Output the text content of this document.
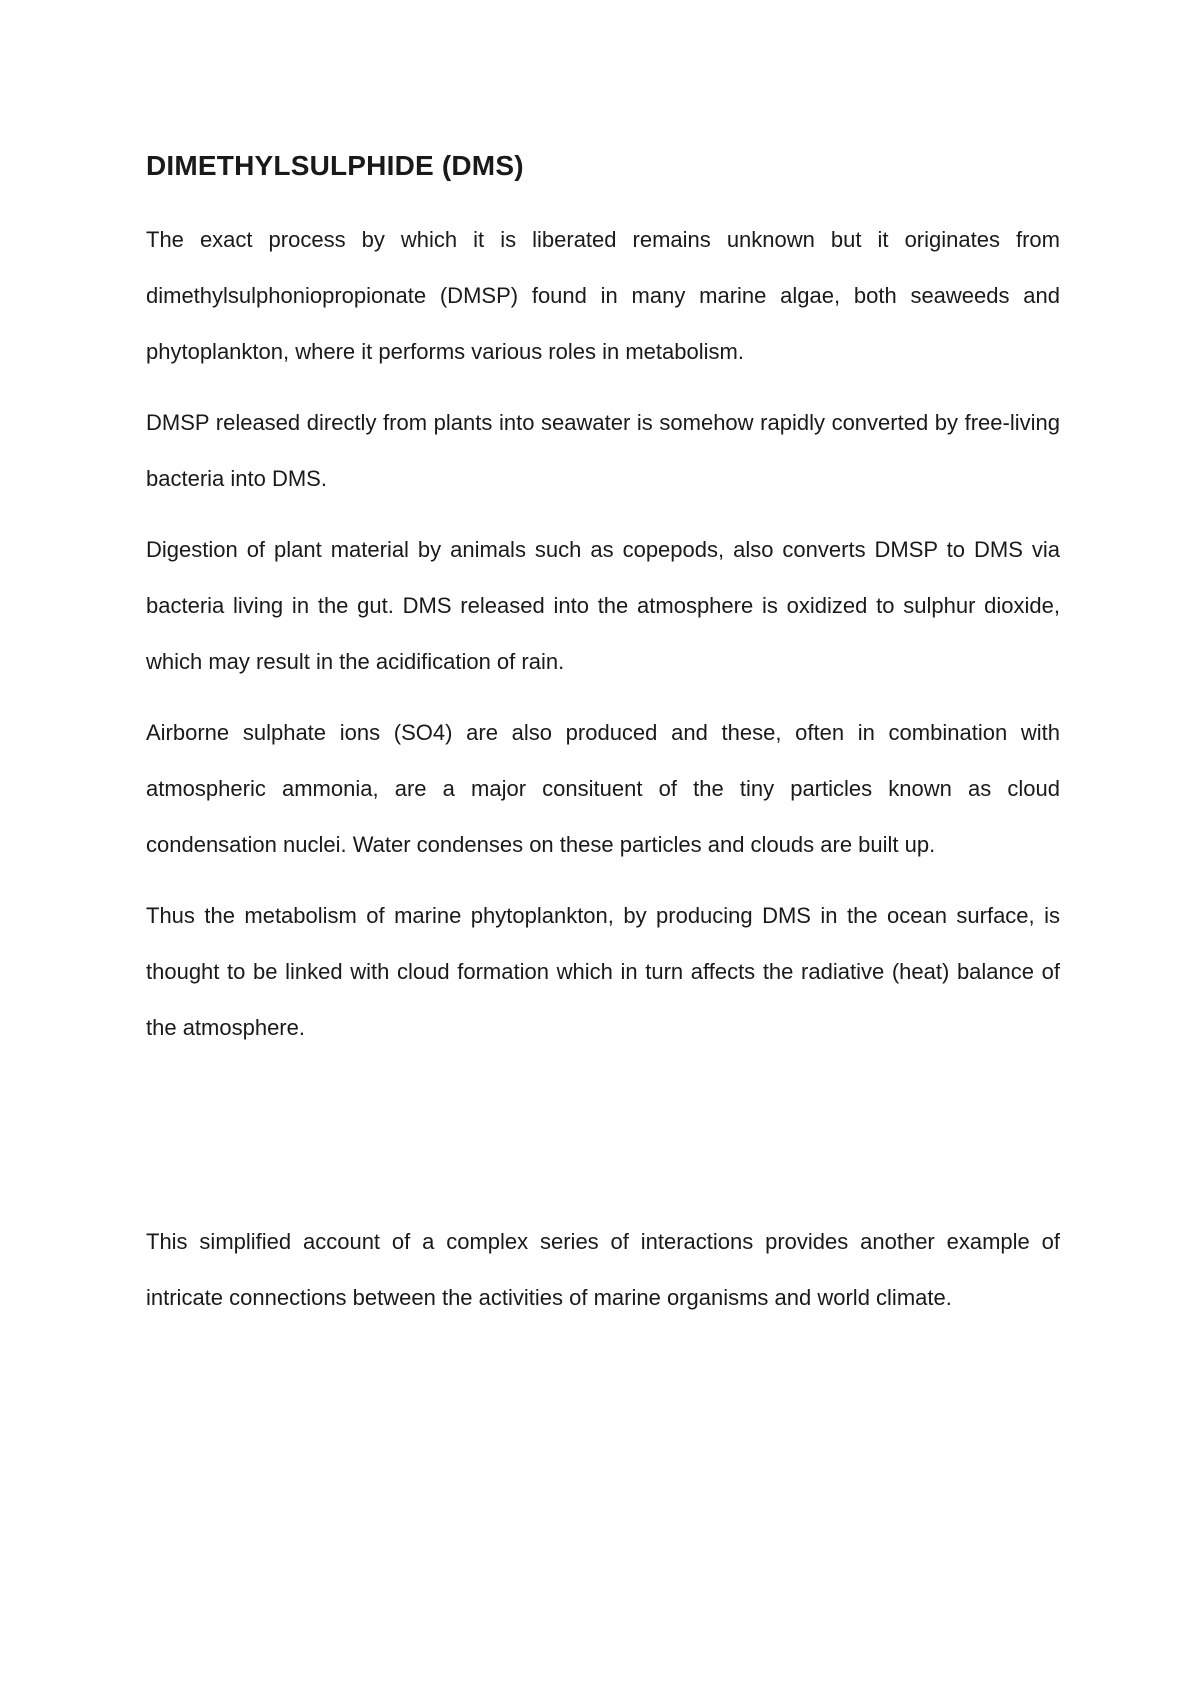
DIMETHYLSULPHIDE (DMS)

The exact process by which it is liberated remains unknown but it originates from dimethylsulphoniopropionate (DMSP) found in many marine algae, both seaweeds and phytoplankton, where it performs various roles in metabolism.

DMSP released directly from plants into seawater is somehow rapidly converted by free-living bacteria into DMS.

Digestion of plant material by animals such as copepods, also converts DMSP to DMS via bacteria living in the gut. DMS released into the atmosphere is oxidized to sulphur dioxide, which may result in the acidification of rain.

Airborne sulphate ions (SO4) are also produced and these, often in combination with atmospheric ammonia, are a major consituent of the tiny particles known as cloud condensation nuclei. Water condenses on these particles and clouds are built up.

Thus the metabolism of marine phytoplankton, by producing DMS in the ocean surface, is thought to be linked with cloud formation which in turn affects the radiative (heat) balance of the atmosphere.

This simplified account of a complex series of interactions provides another example of intricate connections between the activities of marine organisms and world climate.
